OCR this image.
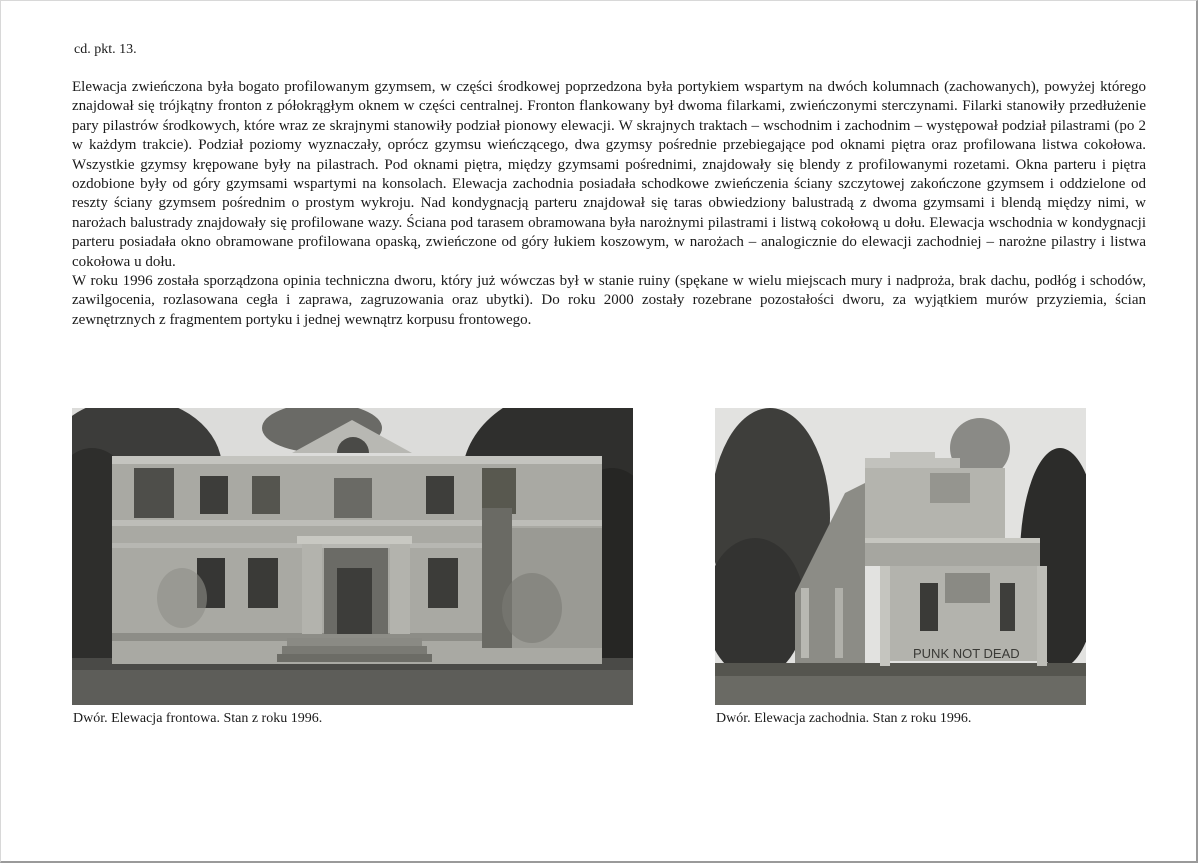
cd. pkt. 13.

Elewacja zwieńczona była bogato profilowanym gzymsem, w części środkowej poprzedzona była portykiem wspartym na dwóch kolumnach (zachowanych), powyżej którego znajdował się trójkątny fronton z półokrągłym oknem w części centralnej. Fronton flankowany był dwoma filarkami, zwieńczonymi sterczynami. Filarki stanowiły przedłużenie pary pilastrów środkowych, które wraz ze skrajnymi stanowiły podział pionowy elewacji. W skrajnych traktach – wschodnim i zachodnim – występował podział pilastrami (po 2 w każdym trakcie). Podział poziomy wyznaczały, oprócz gzymsu wieńczącego, dwa gzymsy pośrednie przebiegające pod oknami piętra oraz profilowana listwa cokołowa. Wszystkie gzymsy krępowane były na pilastrach. Pod oknami piętra, między gzymsami pośrednimi, znajdowały się blendy z profilowanymi rozetami. Okna parteru i piętra ozdobione były od góry gzymsami wspartymi na konsolach. Elewacja zachodnia posiadała schodkowe zwieńczenia ściany szczytowej zakończone gzymsem i oddzielone od reszty ściany gzymsem pośrednim o prostym wykroju. Nad kondygnacją parteru znajdował się taras obwiedziony balustradą z dwoma gzymsami i blendą między nimi, w narożach balustrady znajdowały się profilowane wazy. Ściana pod tarasem obramowana była narożnymi pilastrami i listwą cokołową u dołu. Elewacja wschodnia w kondygnacji parteru posiadała okno obramowane profilowana opaską, zwieńczone od góry łukiem koszowym, w narożach – analogicznie do elewacji zachodniej – narożne pilastry i listwa cokołowa u dołu.

W roku 1996 została sporządzona opinia techniczna dworu, który już wówczas był w stanie ruiny (spękane w wielu miejscach mury i nadproża, brak dachu, podłóg i schodów, zawilgocenia, rozlasowana cegła i zaprawa, zagruzowania oraz ubytki). Do roku 2000 zostały rozebrane pozostałości dworu, za wyjątkiem murów przyziemia, ścian zewnętrznych z fragmentem portyku i jednej wewnątrz korpusu frontowego.

Dwór. Elewacja frontowa. Stan z roku 1996.
PUNK NOT DEAD
Dwór. Elewacja zachodnia. Stan z roku 1996.
